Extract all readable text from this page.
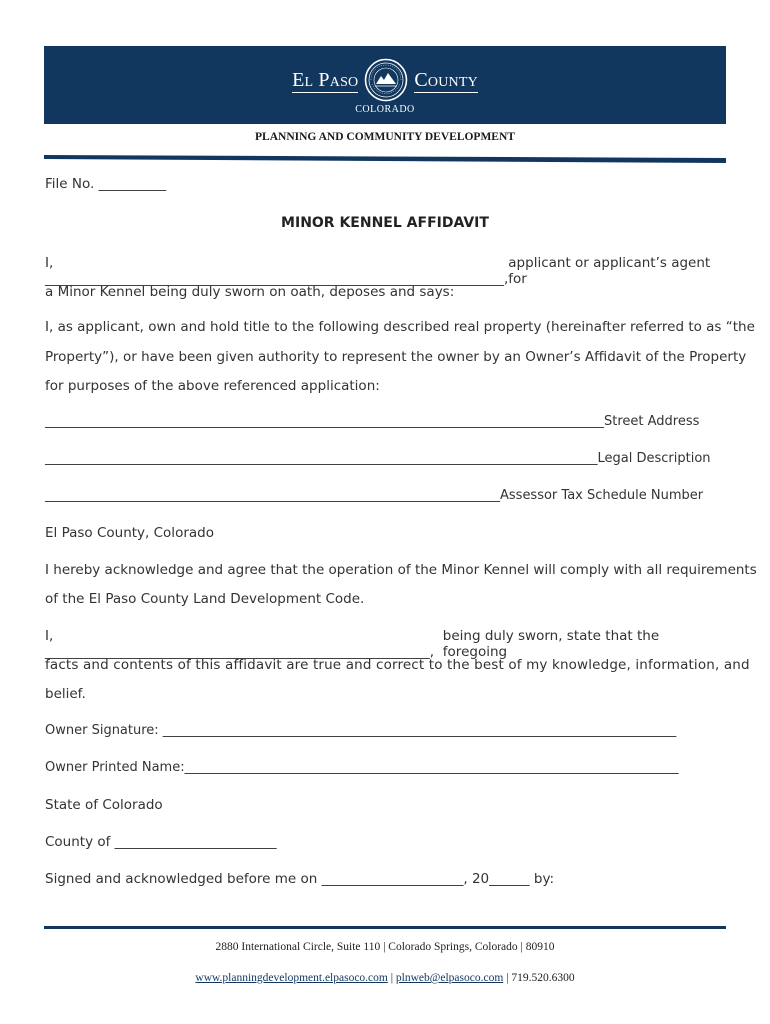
El Paso	County
COLORADO
PLANNING AND COMMUNITY DEVELOPMENT
File No. __________
MINOR KENNEL AFFIDAVIT
I, ____________________________________________________________________,
applicant or applicant’s agent for
a Minor Kennel being duly sworn on oath, deposes and says:
I, as applicant, own and hold title to the following described real property (hereinafter referred to as “the
Property”), or have been given authority to represent the owner by an Owner’s Affidavit of the Property
for purposes of the above referenced application:
______________________________________________________________________________________Street Address
_____________________________________________________________________________________Legal Description
______________________________________________________________________Assessor Tax Schedule Number
El Paso County, Colorado
I hereby acknowledge and agree that the operation of the Minor Kennel will comply with all requirements
of the El Paso County Land Development Code.
I, _________________________________________________________,
being duly sworn, state that the foregoing
facts and contents of this affidavit are true and correct to the best of my knowledge, information, and
belief.
Owner Signature: _______________________________________________________________________________
Owner Printed Name:____________________________________________________________________________
State of Colorado
County of ________________________
Signed and acknowledged before me on _____________________, 20______ by:
2880 International Circle, Suite 110 | Colorado Springs, Colorado | 80910
www.planningdevelopment.elpasoco.com | plnweb@elpasoco.com | 719.520.6300
